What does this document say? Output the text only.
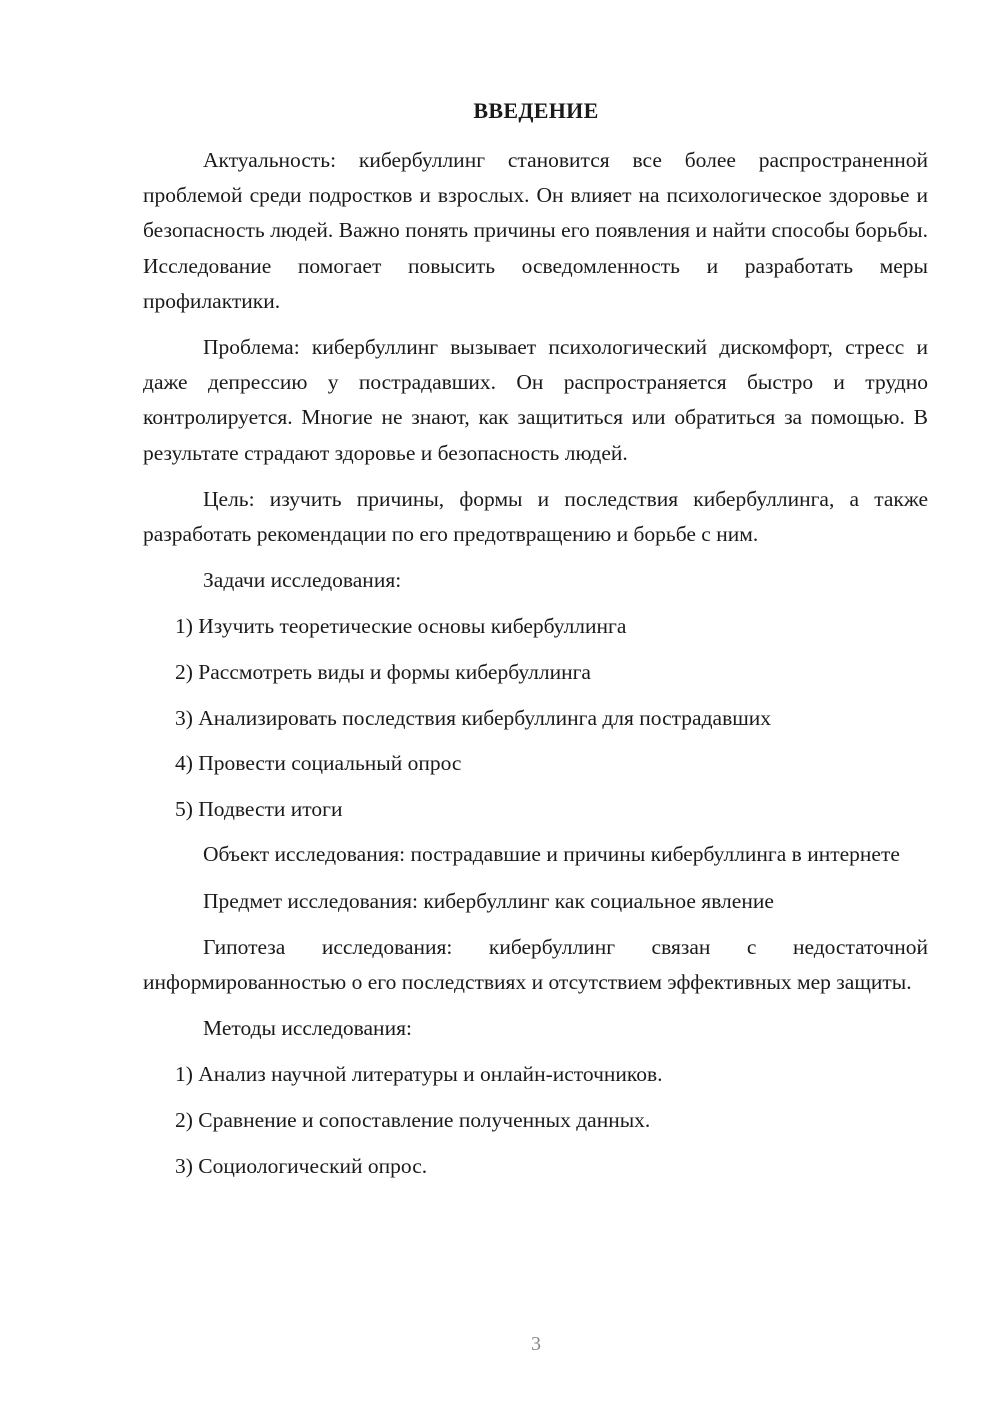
ВВЕДЕНИЕ

Актуальность: кибербуллинг становится все более распространенной проблемой среди подростков и взрослых. Он влияет на психологическое здоровье и безопасность людей. Важно понять причины его появления и найти способы борьбы. Исследование помогает повысить осведомленность и разработать меры профилактики.

Проблема: кибербуллинг вызывает психологический дискомфорт, стресс и даже депрессию у пострадавших. Он распространяется быстро и трудно контролируется. Многие не знают, как защититься или обратиться за помощью. В результате страдают здоровье и безопасность людей.

Цель: изучить причины, формы и последствия кибербуллинга, а также разработать рекомендации по его предотвращению и борьбе с ним.

Задачи исследования:

1) Изучить теоретические основы кибербуллинга

2) Рассмотреть виды и формы кибербуллинга

3) Анализировать последствия кибербуллинга для пострадавших

4) Провести социальный опрос

5) Подвести итоги

Объект исследования: пострадавшие и причины кибербуллинга в интернете

Предмет исследования: кибербуллинг как социальное явление

Гипотеза исследования: кибербуллинг связан с недостаточной информированностью о его последствиях и отсутствием эффективных мер защиты.

Методы исследования:

1) Анализ научной литературы и онлайн-источников.

2) Сравнение и сопоставление полученных данных.

3) Социологический опрос.

3
